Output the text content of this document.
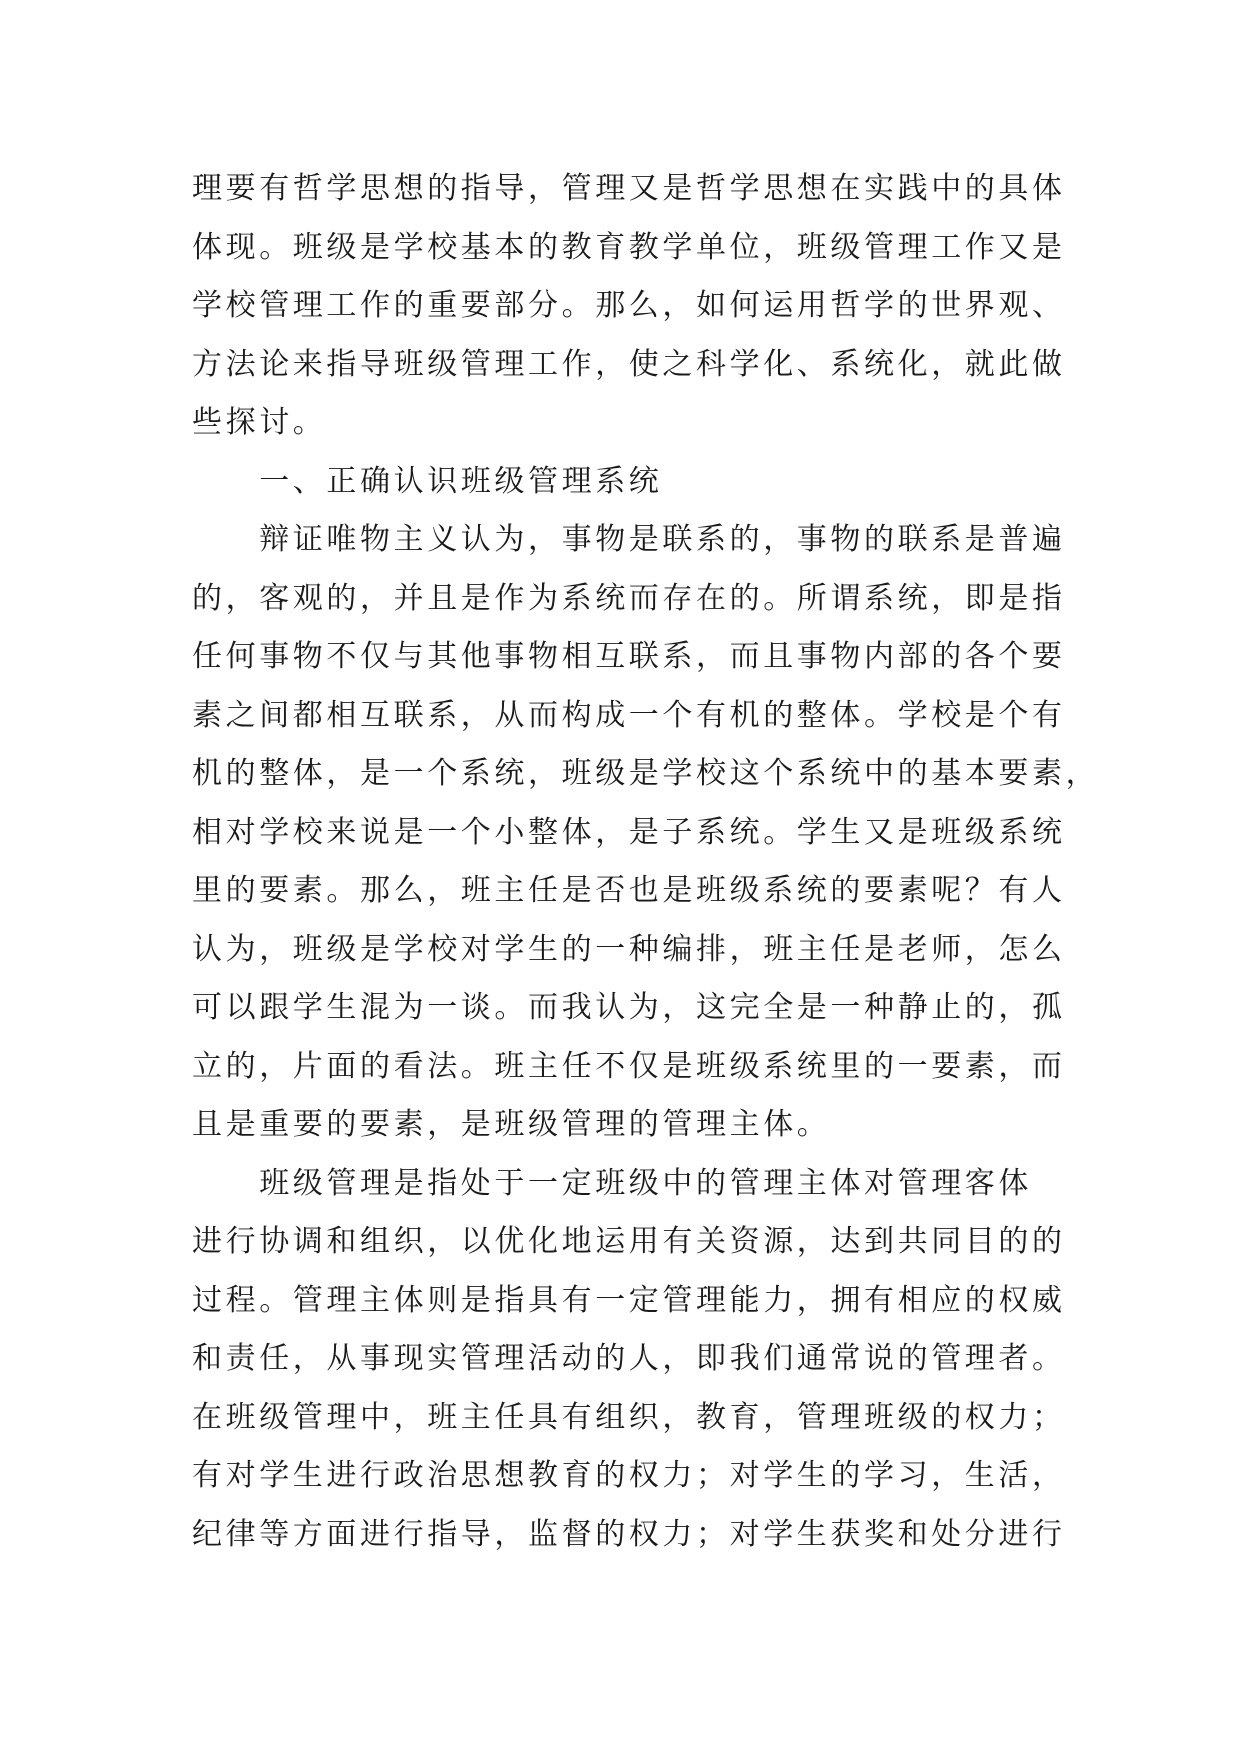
理要有哲学思想的指导，管理又是哲学思想在实践中的具体
体现。班级是学校基本的教育教学单位，班级管理工作又是
学校管理工作的重要部分。那么，如何运用哲学的世界观、
方法论来指导班级管理工作，使之科学化、系统化，就此做
些探讨。
　　一、正确认识班级管理系统
　　辩证唯物主义认为，事物是联系的，事物的联系是普遍
的，客观的，并且是作为系统而存在的。所谓系统，即是指
任何事物不仅与其他事物相互联系，而且事物内部的各个要
素之间都相互联系，从而构成一个有机的整体。学校是个有
机的整体，是一个系统，班级是学校这个系统中的基本要素，
相对学校来说是一个小整体，是子系统。学生又是班级系统
里的要素。那么，班主任是否也是班级系统的要素呢？有人
认为，班级是学校对学生的一种编排，班主任是老师，怎么
可以跟学生混为一谈。而我认为，这完全是一种静止的，孤
立的，片面的看法。班主任不仅是班级系统里的一要素，而
且是重要的要素，是班级管理的管理主体。
　　班级管理是指处于一定班级中的管理主体对管理客体
进行协调和组织，以优化地运用有关资源，达到共同目的的
过程。管理主体则是指具有一定管理能力，拥有相应的权威
和责任，从事现实管理活动的人，即我们通常说的管理者。
在班级管理中，班主任具有组织，教育，管理班级的权力；
有对学生进行政治思想教育的权力；对学生的学习，生活，
纪律等方面进行指导，监督的权力；对学生获奖和处分进行
